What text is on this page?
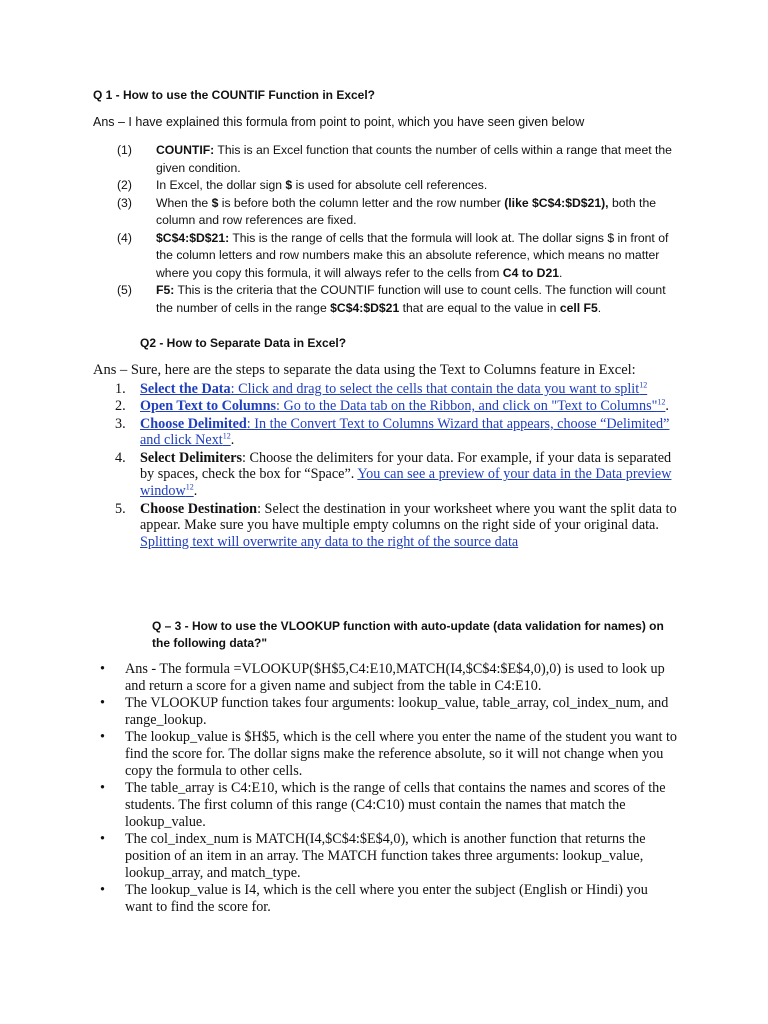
Q 1 - How to use the COUNTIF Function in Excel?
Ans – I have explained this formula from point to point, which you have seen given below
(1) COUNTIF: This is an Excel function that counts the number of cells within a range that meet the given condition.
(2) In Excel, the dollar sign $ is used for absolute cell references.
(3) When the $ is before both the column letter and the row number (like $C$4:$D$21), both the column and row references are fixed.
(4) $C$4:$D$21: This is the range of cells that the formula will look at. The dollar signs $ in front of the column letters and row numbers make this an absolute reference, which means no matter where you copy this formula, it will always refer to the cells from C4 to D21.
(5) F5: This is the criteria that the COUNTIF function will use to count cells. The function will count the number of cells in the range $C$4:$D$21 that are equal to the value in cell F5.
Q2 - How to Separate Data in Excel?
Ans – Sure, here are the steps to separate the data using the Text to Columns feature in Excel:
1. Select the Data: Click and drag to select the cells that contain the data you want to split$^{12}$
2. Open Text to Columns: Go to the Data tab on the Ribbon, and click on "Text to Columns"$^{12}$.
3. Choose Delimited: In the Convert Text to Columns Wizard that appears, choose “Delimited” and click Next$^{12}$.
4. Select Delimiters: Choose the delimiters for your data. For example, if your data is separated by spaces, check the box for “Space”. You can see a preview of your data in the Data preview window$^{12}$.
5. Choose Destination: Select the destination in your worksheet where you want the split data to appear. Make sure you have multiple empty columns on the right side of your original data. Splitting text will overwrite any data to the right of the source data
Q – 3 - How to use the VLOOKUP function with auto-update (data validation for names) on the following data?"
• Ans - The formula =VLOOKUP($H$5,C4:E10,MATCH(I4,$C$4:$E$4,0),0) is used to look up and return a score for a given name and subject from the table in C4:E10.
• The VLOOKUP function takes four arguments: lookup_value, table_array, col_index_num, and range_lookup.
• The lookup_value is $H$5, which is the cell where you enter the name of the student you want to find the score for. The dollar signs make the reference absolute, so it will not change when you copy the formula to other cells.
• The table_array is C4:E10, which is the range of cells that contains the names and scores of the students. The first column of this range (C4:C10) must contain the names that match the lookup_value.
• The col_index_num is MATCH(I4,$C$4:$E$4,0), which is another function that returns the position of an item in an array. The MATCH function takes three arguments: lookup_value, lookup_array, and match_type.
• The lookup_value is I4, which is the cell where you enter the subject (English or Hindi) you want to find the score for.
